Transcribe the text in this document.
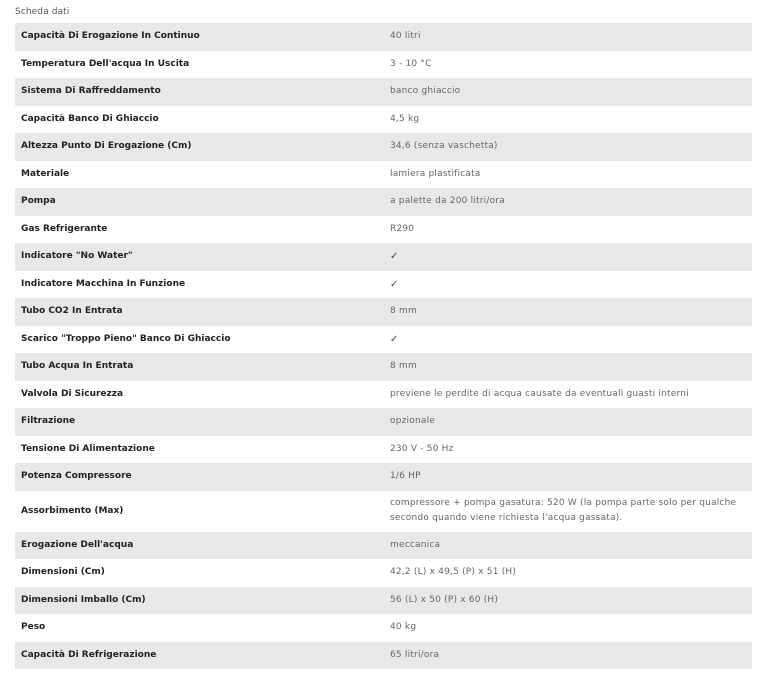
Scheda dati
Capacità Di Erogazione In Continuo	40 litri
Temperatura Dell'acqua In Uscita	3 - 10 °C
Sistema Di Raffreddamento	banco ghiaccio
Capacità Banco Di Ghiaccio	4,5 kg
Altezza Punto Di Erogazione (Cm)	34,6 (senza vaschetta)
Materiale	lamiera plastificata
Pompa	a palette da 200 litri/ora
Gas Refrigerante	R290
Indicatore "No Water"	✓
Indicatore Macchina In Funzione	✓
Tubo CO2 In Entrata	8 mm
Scarico "Troppo Pieno" Banco Di Ghiaccio	✓
Tubo Acqua In Entrata	8 mm
Valvola Di Sicurezza	previene le perdite di acqua causate da eventuali guasti interni
Filtrazione	opzionale
Tensione Di Alimentazione	230 V - 50 Hz
Potenza Compressore	1/6 HP
Assorbimento (Max)	compressore + pompa gasatura: 520 W (la pompa parte solo per qualche secondo quando viene richiesta l'acqua gassata).
Erogazione Dell'acqua	meccanica
Dimensioni (Cm)	42,2 (L) x 49,5 (P) x 51 (H)
Dimensioni Imballo (Cm)	56 (L) x 50 (P) x 60 (H)
Peso	40 kg
Capacità Di Refrigerazione	65 litri/ora
